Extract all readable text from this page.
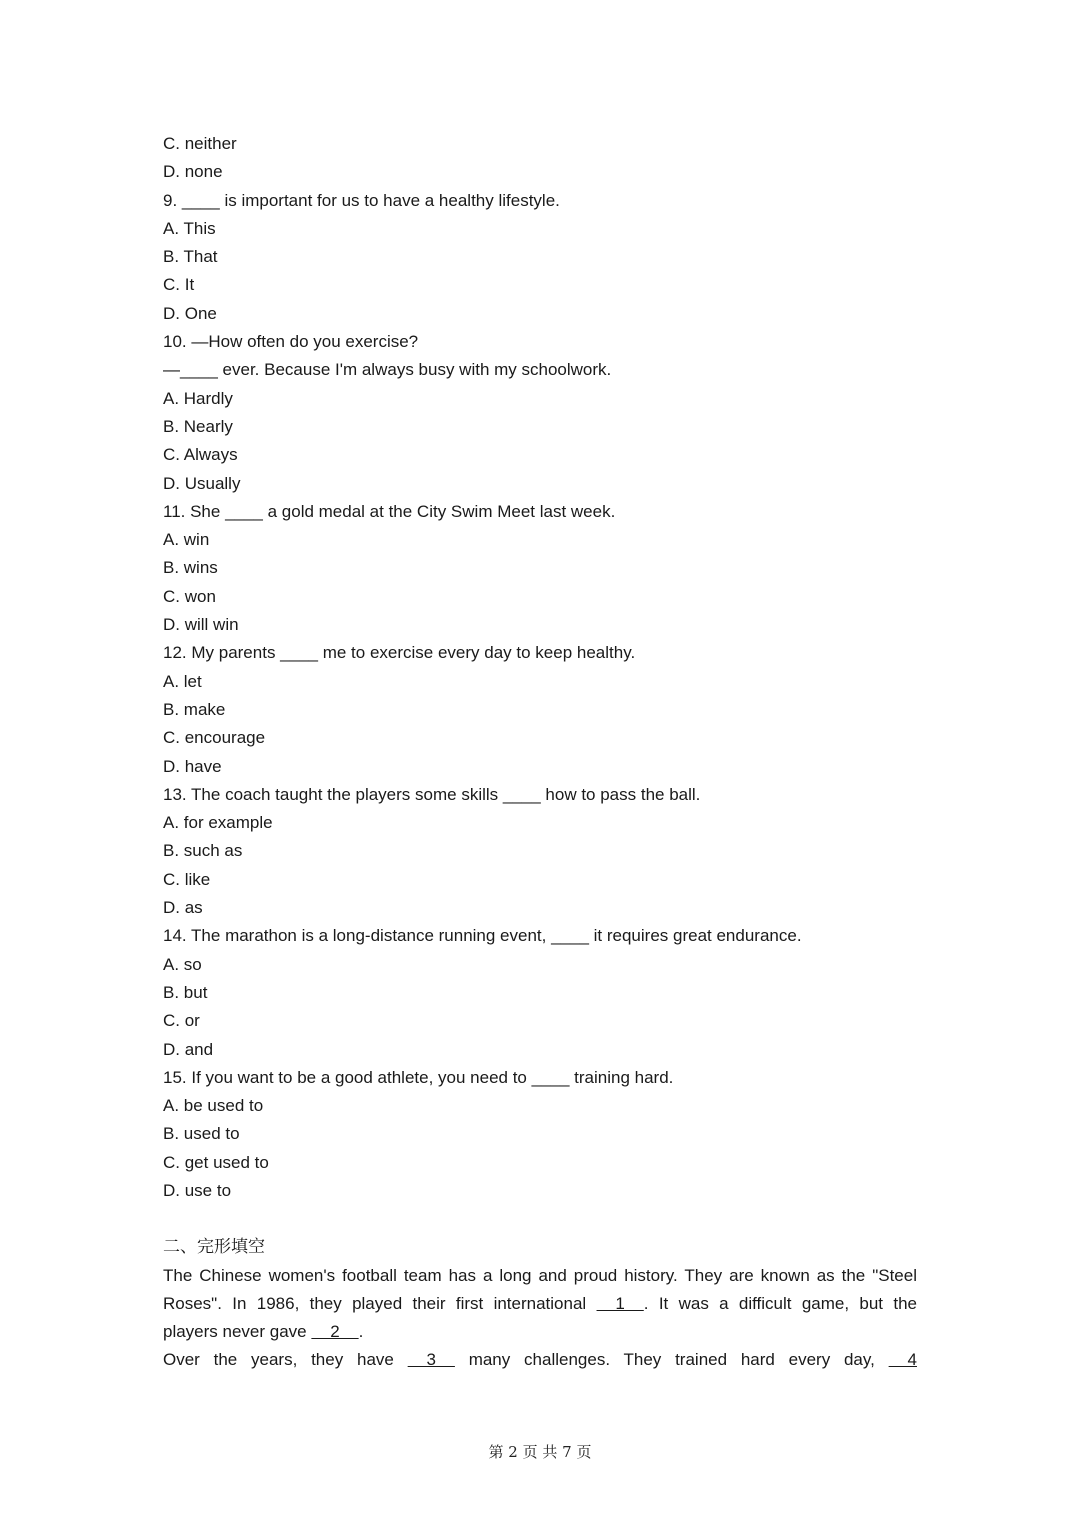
C. neither
D. none
9. ____ is important for us to have a healthy lifestyle.
A. This
B. That
C. It
D. One
10. —How often do you exercise?
—____ ever. Because I'm always busy with my schoolwork.
A. Hardly
B. Nearly
C. Always
D. Usually
11. She ____ a gold medal at the City Swim Meet last week.
A. win
B. wins
C. won
D. will win
12. My parents ____ me to exercise every day to keep healthy.
A. let
B. make
C. encourage
D. have
13. The coach taught the players some skills ____ how to pass the ball.
A. for example
B. such as
C. like
D. as
14. The marathon is a long-distance running event, ____ it requires great endurance.
A. so
B. but
C. or
D. and
15. If you want to be a good athlete, you need to ____ training hard.
A. be used to
B. used to
C. get used to
D. use to
二、完形填空
The Chinese women's football team has a long and proud history. They are known as the "Steel
Roses". In 1986, they played their first international     1    . It was a difficult game, but the
players never gave     2    .
Over the years, they have     3     many challenges. They trained hard every day,     4
第 2 页 共 7 页
